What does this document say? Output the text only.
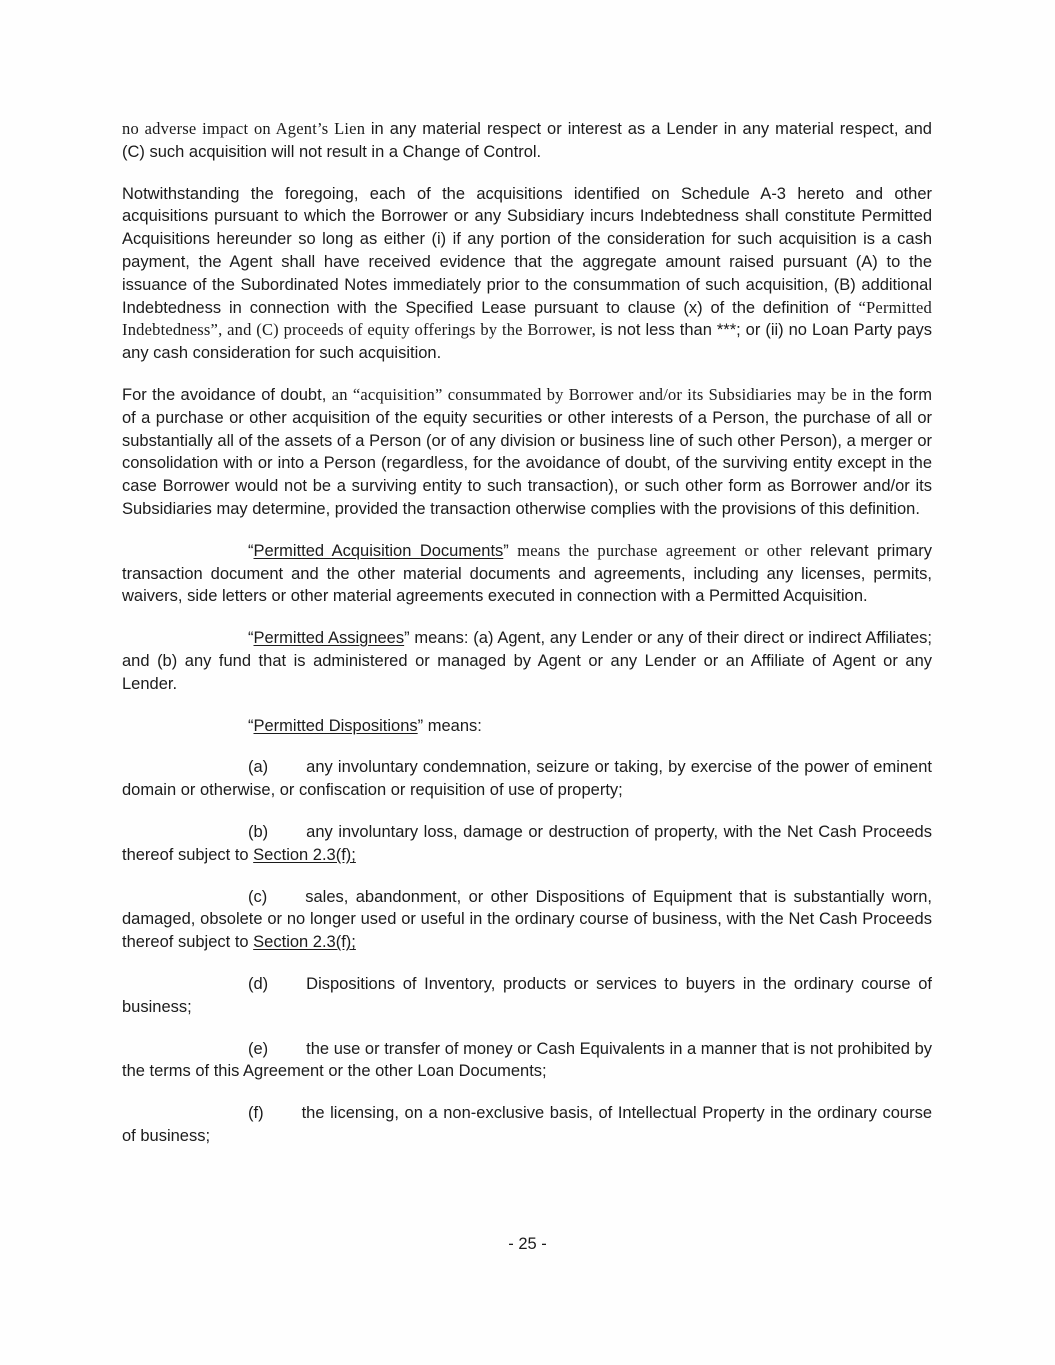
no adverse impact on Agent’s Lien in any material respect or interest as a Lender in any material respect, and (C) such acquisition will not result in a Change of Control.

Notwithstanding the foregoing, each of the acquisitions identified on Schedule A-3 hereto and other acquisitions pursuant to which the Borrower or any Subsidiary incurs Indebtedness shall constitute Permitted Acquisitions hereunder so long as either (i) if any portion of the consideration for such acquisition is a cash payment, the Agent shall have received evidence that the aggregate amount raised pursuant (A) to the issuance of the Subordinated Notes immediately prior to the consummation of such acquisition, (B) additional Indebtedness in connection with the Specified Lease pursuant to clause (x) of the definition of “Permitted Indebtedness”, and (C) proceeds of equity offerings by the Borrower, is not less than ***; or (ii) no Loan Party pays any cash consideration for such acquisition.

For the avoidance of doubt, an “acquisition” consummated by Borrower and/or its Subsidiaries may be in the form of a purchase or other acquisition of the equity securities or other interests of a Person, the purchase of all or substantially all of the assets of a Person (or of any division or business line of such other Person), a merger or consolidation with or into a Person (regardless, for the avoidance of doubt, of the surviving entity except in the case Borrower would not be a surviving entity to such transaction), or such other form as Borrower and/or its Subsidiaries may determine, provided the transaction otherwise complies with the provisions of this definition.

“Permitted Acquisition Documents” means the purchase agreement or other relevant primary transaction document and the other material documents and agreements, including any licenses, permits, waivers, side letters or other material agreements executed in connection with a Permitted Acquisition.

“Permitted Assignees” means: (a) Agent, any Lender or any of their direct or indirect Affiliates; and (b) any fund that is administered or managed by Agent or any Lender or an Affiliate of Agent or any Lender.

“Permitted Dispositions” means:

(a) any involuntary condemnation, seizure or taking, by exercise of the power of eminent domain or otherwise, or confiscation or requisition of use of property;

(b) any involuntary loss, damage or destruction of property, with the Net Cash Proceeds thereof subject to Section 2.3(f);

(c) sales, abandonment, or other Dispositions of Equipment that is substantially worn, damaged, obsolete or no longer used or useful in the ordinary course of business, with the Net Cash Proceeds thereof subject to Section 2.3(f);

(d) Dispositions of Inventory, products or services to buyers in the ordinary course of business;

(e) the use or transfer of money or Cash Equivalents in a manner that is not prohibited by the terms of this Agreement or the other Loan Documents;

(f) the licensing, on a non-exclusive basis, of Intellectual Property in the ordinary course of business;

- 25 -
